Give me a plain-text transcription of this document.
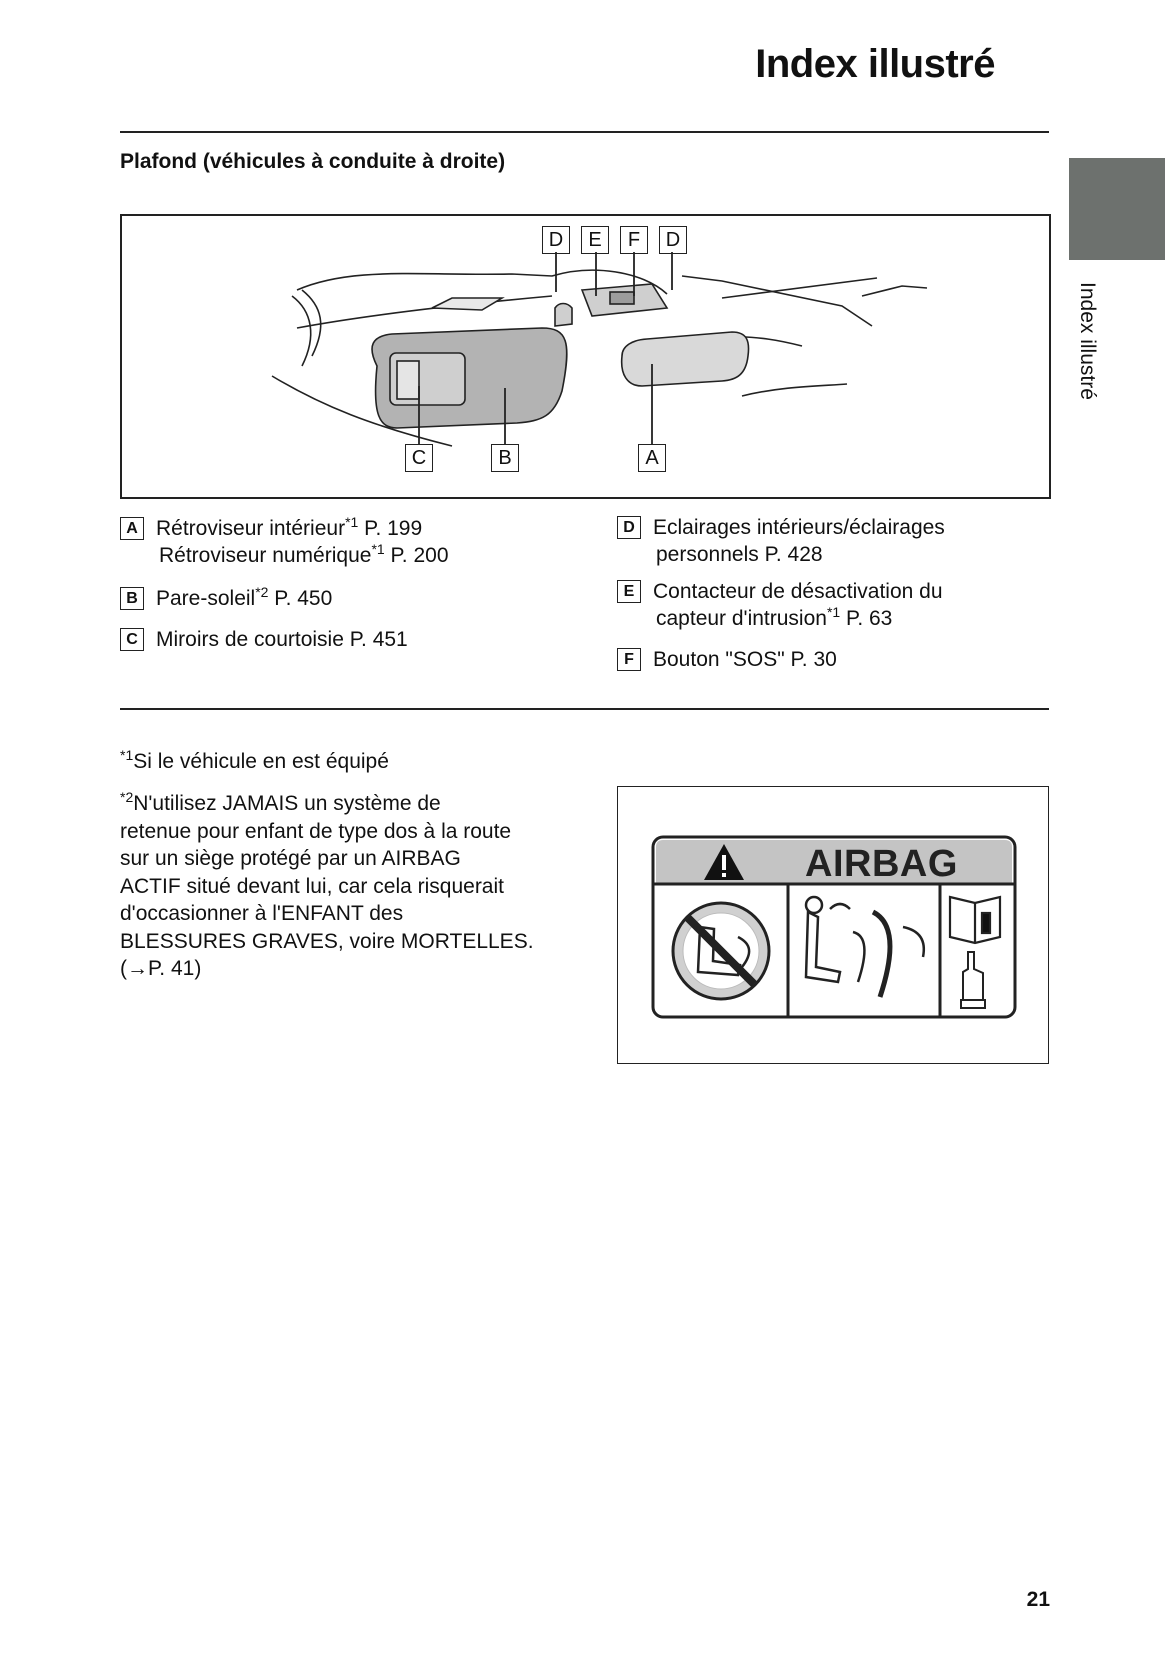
Index illustré
Plafond (véhicules à conduite à droite)
Index illustré
D	E	F	D
C	B	A
A Rétroviseur intérieur$^{*1}$ P. 199
Rétroviseur numérique$^{*1}$ P. 200
B Pare-soleil$^{*2}$ P. 450
C Miroirs de courtoisie P. 451
D Eclairages intérieurs/éclairages
personnels P. 428
E Contacteur de désactivation du
capteur d'intrusion$^{*1}$ P. 63
F Bouton "SOS" P. 30
$^{*1}$Si le véhicule en est équipé
$^{*2}$N'utilisez JAMAIS un système de
retenue pour enfant de type dos à la route
sur un siège protégé par un AIRBAG
ACTIF situé devant lui, car cela risquerait
d'occasionner à l'ENFANT des
BLESSURES GRAVES, voire MORTELLES.
(→P. 41)
AIRBAG
21
